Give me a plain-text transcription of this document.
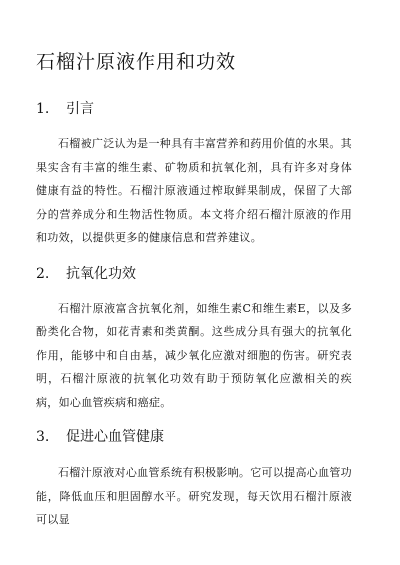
石榴汁原液作用和功效
1.	引言

石榴被广泛认为是一种具有丰富营养和药用价值的水果。其果实含有丰富的维生素、矿物质和抗氧化剂，具有许多对身体健康有益的特性。石榴汁原液通过榨取鲜果制成，保留了大部分的营养成分和生物活性物质。本文将介绍石榴汁原液的作用和功效，以提供更多的健康信息和营养建议。

2.	抗氧化功效

石榴汁原液富含抗氧化剂，如维生素C和维生素E，以及多酚类化合物，如花青素和类黄酮。这些成分具有强大的抗氧化作用，能够中和自由基，减少氧化应激对细胞的伤害。研究表明，石榴汁原液的抗氧化功效有助于预防氧化应激相关的疾病，如心血管疾病和癌症。

3.	促进心血管健康

石榴汁原液对心血管系统有积极影响。它可以提高心血管功能，降低血压和胆固醇水平。研究发现，每天饮用石榴汁原液可以显
